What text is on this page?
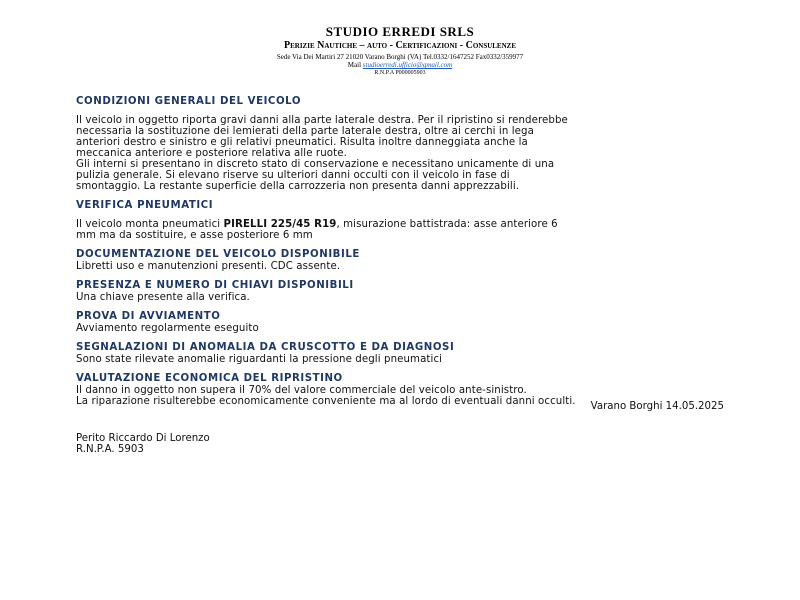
STUDIO ERREDI SRLS
Perizie Nautiche – auto - Certificazioni - Consulenze
Sede Via Dei Martiri 27 21020 Varano Borghi (VA) Tel.0332/1647252 Fax0332/359977
Mail studioerredi.ufficio@gmail.com
R.N.P.A P000005903
CONDIZIONI GENERALI DEL VEICOLO

Il veicolo in oggetto riporta gravi danni alla parte laterale destra. Per il ripristino si renderebbe
necessaria la sostituzione dei lemierati della parte laterale destra, oltre ai cerchi in lega
anteriori destro e sinistro e gli relativi pneumatici. Risulta inoltre danneggiata anche la
meccanica anteriore e posteriore relativa alle ruote.
Gli interni si presentano in discreto stato di conservazione e necessitano unicamente di una
pulizia generale. Si elevano riserve su ulteriori danni occulti con il veicolo in fase di
smontaggio. La restante superficie della carrozzeria non presenta danni apprezzabili.

VERIFICA PNEUMATICI

Il veicolo monta pneumatici PIRELLI 225/45 R19, misurazione battistrada: asse anteriore 6
mm ma da sostituire, e asse posteriore 6 mm

DOCUMENTAZIONE DEL VEICOLO DISPONIBILE

Libretti uso e manutenzioni presenti. CDC assente.

PRESENZA E NUMERO DI CHIAVI DISPONIBILI

Una chiave presente alla verifica.

PROVA DI AVVIAMENTO

Avviamento regolarmente eseguito

SEGNALAZIONI DI ANOMALIA DA CRUSCOTTO E DA DIAGNOSI

Sono state rilevate anomalie riguardanti la pressione degli pneumatici

VALUTAZIONE ECONOMICA DEL RIPRISTINO

Il danno in oggetto non supera il 70% del valore commerciale del veicolo ante-sinistro.
La riparazione risulterebbe economicamente conveniente ma al lordo di eventuali danni occulti.	Varano Borghi 14.05.2025
Perito Riccardo Di Lorenzo
R.N.P.A. 5903
